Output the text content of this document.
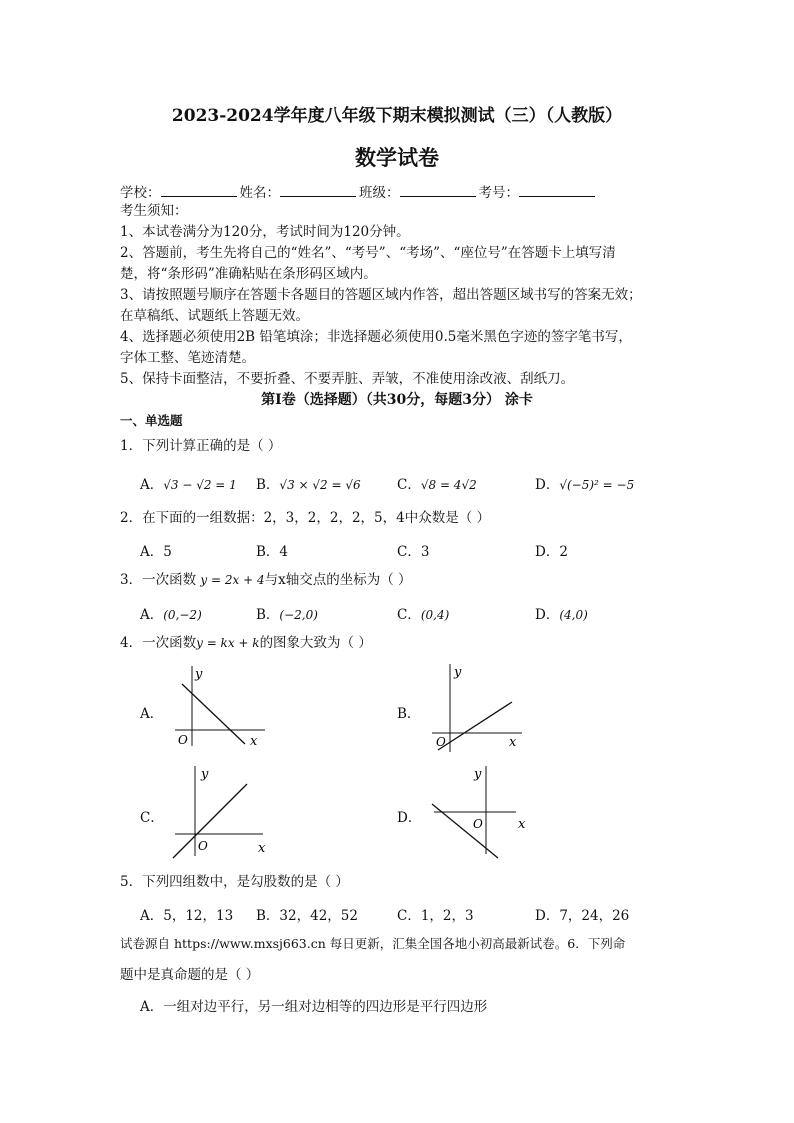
2023-2024学年度八年级下期末模拟测试（三）（人教版）
数学试卷
学校：	姓名：	班级：	考号：
考生须知：
1、本试卷满分为120分，考试时间为120分钟。
2、答题前，考生先将自己的“姓名”、“考号”、“考场”、“座位号”在答题卡上填写清
楚，将“条形码”准确粘贴在条形码区域内。
3、请按照题号顺序在答题卡各题目的答题区域内作答，超出答题区域书写的答案无效；
在草稿纸、试题纸上答题无效。
4、选择题必须使用2B 铅笔填涂；非选择题必须使用0.5毫米黑色字迹的签字笔书写，
字体工整、笔迹清楚。
5、保持卡面整洁，不要折叠、不要弄脏、弄皱，不准使用涂改液、刮纸刀。
第I卷（选择题）（共30分，每题3分） 涂卡
一、单选题
1．下列计算正确的是（ ）
A．√3 − √2 = 1 B．√3 × √2 = √6	C．√8 = 4√2	D．√(−5)² = −5
2．在下面的一组数据：2，3，2，2，2，5，4中众数是（ ）
A．5	B．4	C．3	D．2
3．一次函数 y = 2x + 4与x轴交点的坐标为（ ）
A．(0,−2)	B．(−2,0)	C．(0,4)	D．(4,0)
4．一次函数y = kx + k的图象大致为（ ）
A．
y
x
O
B．
y
x
O
C．
y
x
O
D．
y
x
O
5．下列四组数中，是勾股数的是（ ）
A．5，12，13 B．32，42，52	C．1，2，3	D．7，24，26
试卷源自 https://www.mxsj663.cn 每日更新，汇集全国各地小初高最新试卷。6．下列命
题中是真命题的是（ ）
A．一组对边平行，另一组对边相等的四边形是平行四边形
